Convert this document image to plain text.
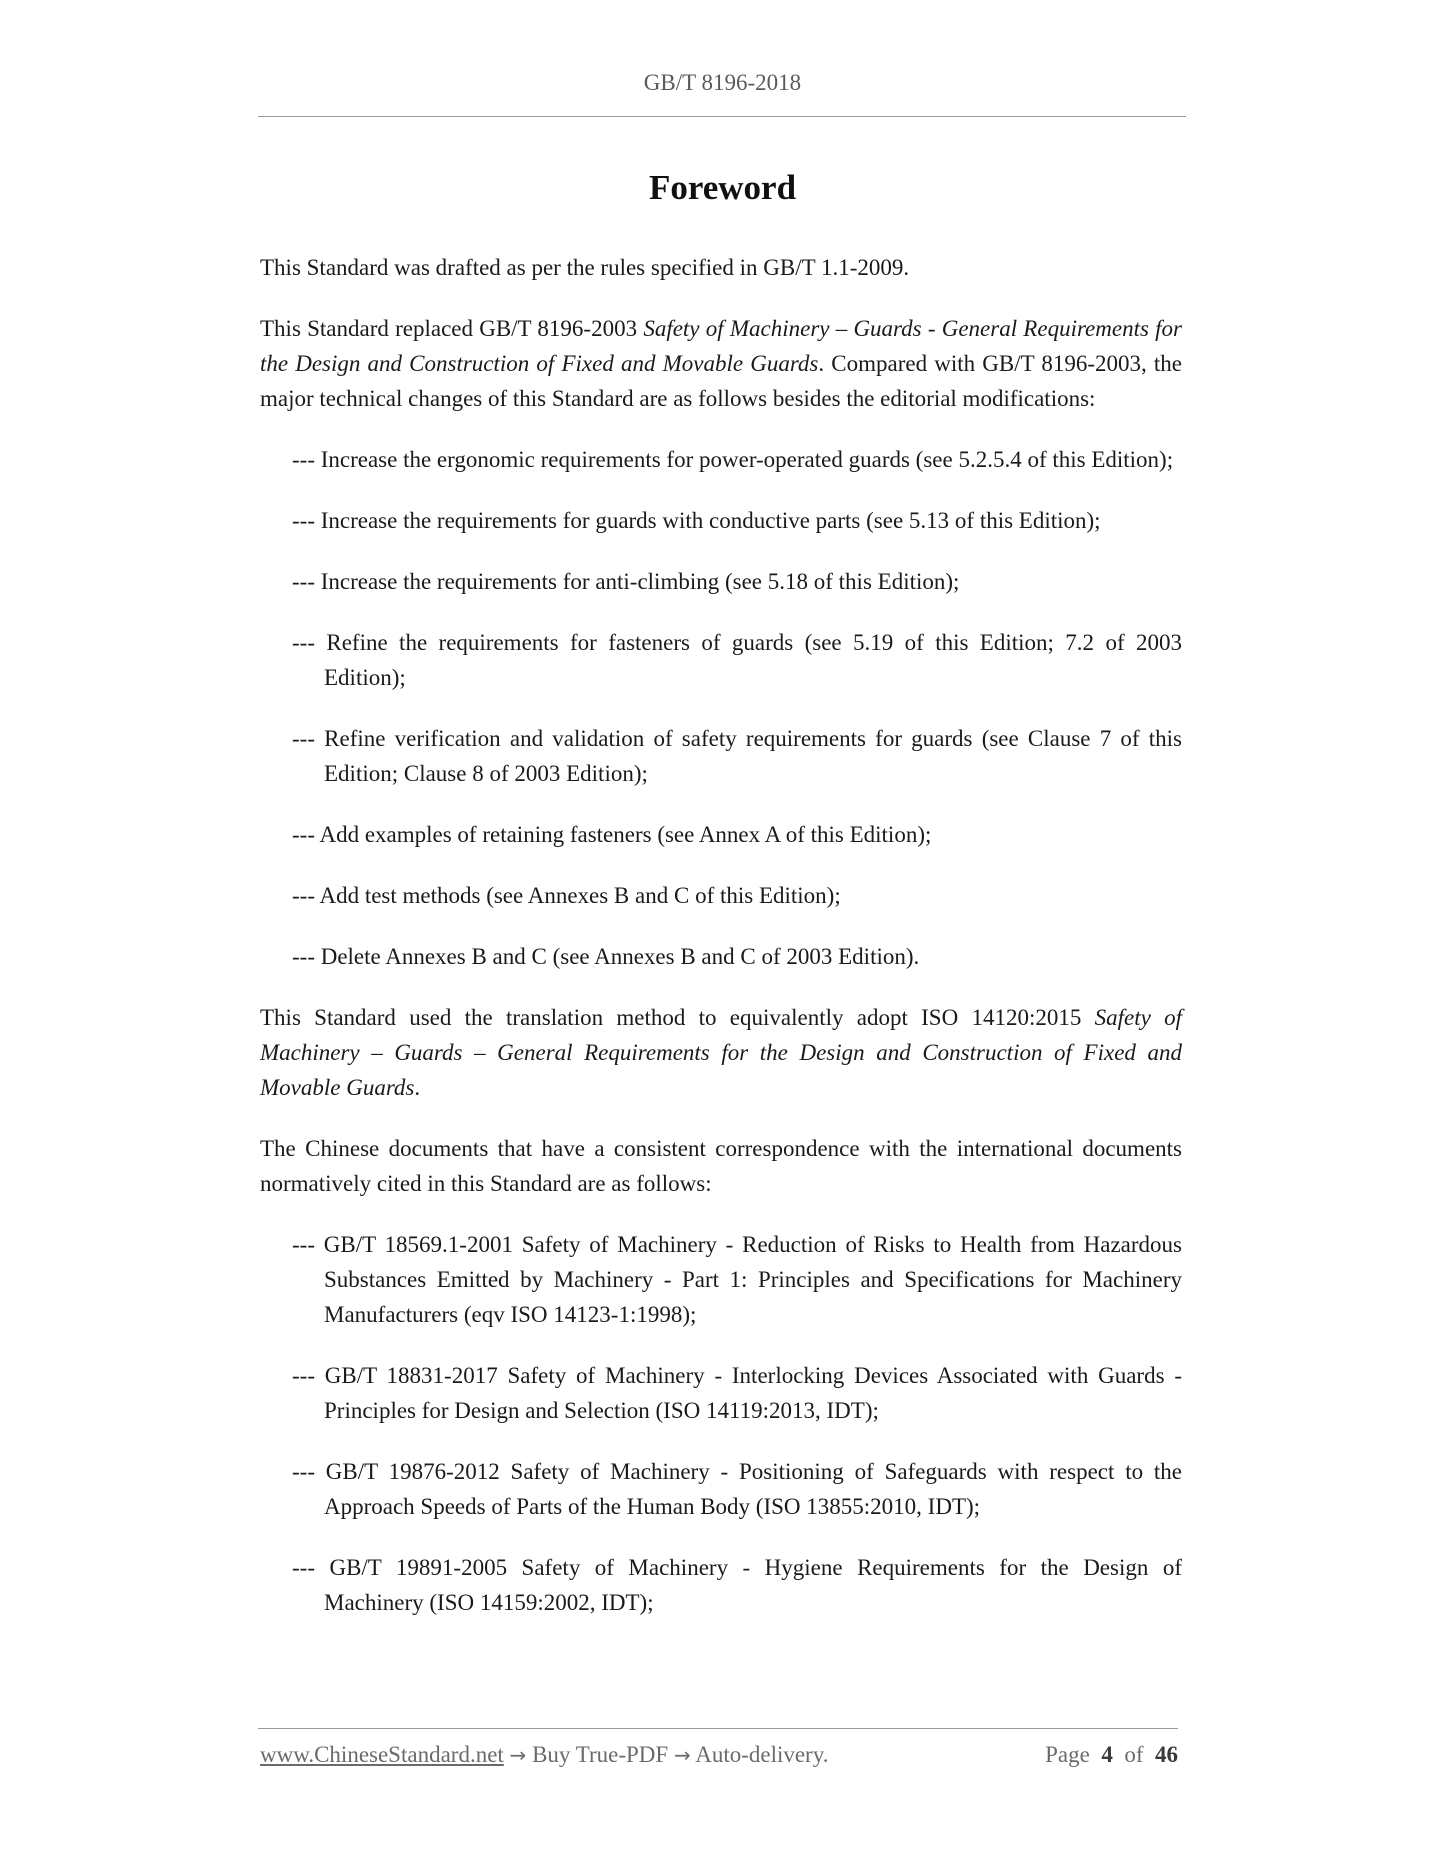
GB/T 8196-2018
Foreword

This Standard was drafted as per the rules specified in GB/T 1.1-2009.

This Standard replaced GB/T 8196-2003 Safety of Machinery – Guards - General Requirements for the Design and Construction of Fixed and Movable Guards. Compared with GB/T 8196-2003, the major technical changes of this Standard are as follows besides the editorial modifications:

--- Increase the ergonomic requirements for power-operated guards (see 5.2.5.4 of this Edition);

--- Increase the requirements for guards with conductive parts (see 5.13 of this Edition);

--- Increase the requirements for anti-climbing (see 5.18 of this Edition);

--- Refine the requirements for fasteners of guards (see 5.19 of this Edition; 7.2 of 2003 Edition);

--- Refine verification and validation of safety requirements for guards (see Clause 7 of this Edition; Clause 8 of 2003 Edition);

--- Add examples of retaining fasteners (see Annex A of this Edition);

--- Add test methods (see Annexes B and C of this Edition);

--- Delete Annexes B and C (see Annexes B and C of 2003 Edition).

This Standard used the translation method to equivalently adopt ISO 14120:2015 Safety of Machinery – Guards – General Requirements for the Design and Construction of Fixed and Movable Guards.

The Chinese documents that have a consistent correspondence with the international documents normatively cited in this Standard are as follows:

--- GB/T 18569.1-2001 Safety of Machinery - Reduction of Risks to Health from Hazardous Substances Emitted by Machinery - Part 1: Principles and Specifications for Machinery Manufacturers (eqv ISO 14123-1:1998);

--- GB/T 18831-2017 Safety of Machinery - Interlocking Devices Associated with Guards - Principles for Design and Selection (ISO 14119:2013, IDT);

--- GB/T 19876-2012 Safety of Machinery - Positioning of Safeguards with respect to the Approach Speeds of Parts of the Human Body (ISO 13855:2010, IDT);

--- GB/T 19891-2005 Safety of Machinery - Hygiene Requirements for the Design of Machinery (ISO 14159:2002, IDT);

www.ChineseStandard.net → Buy True-PDF → Auto-delivery.	Page 4 of 46
